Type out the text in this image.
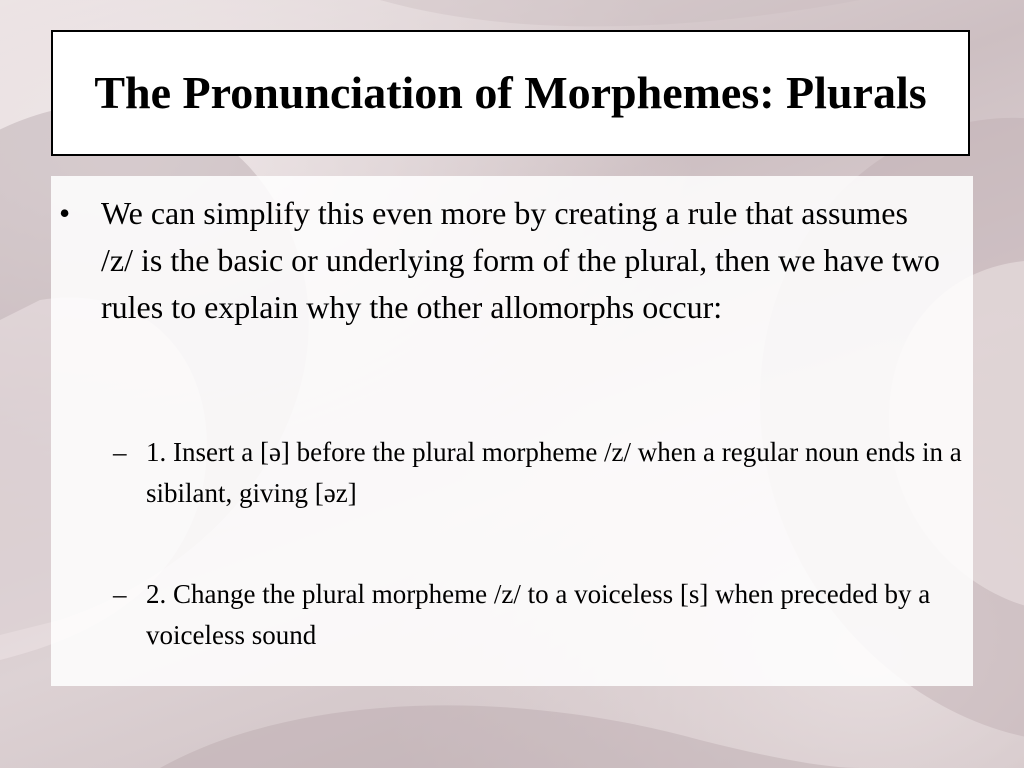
The Pronunciation of Morphemes: Plurals
• We can simplify this even more by creating a rule that assumes /z/ is the basic or underlying form of the plural, then we have two rules to explain why the other allomorphs occur:
– 1. Insert a [ə] before the plural morpheme /z/ when a regular noun ends in a sibilant, giving [əz]
– 2. Change the plural morpheme /z/ to a voiceless [s] when preceded by a voiceless sound
